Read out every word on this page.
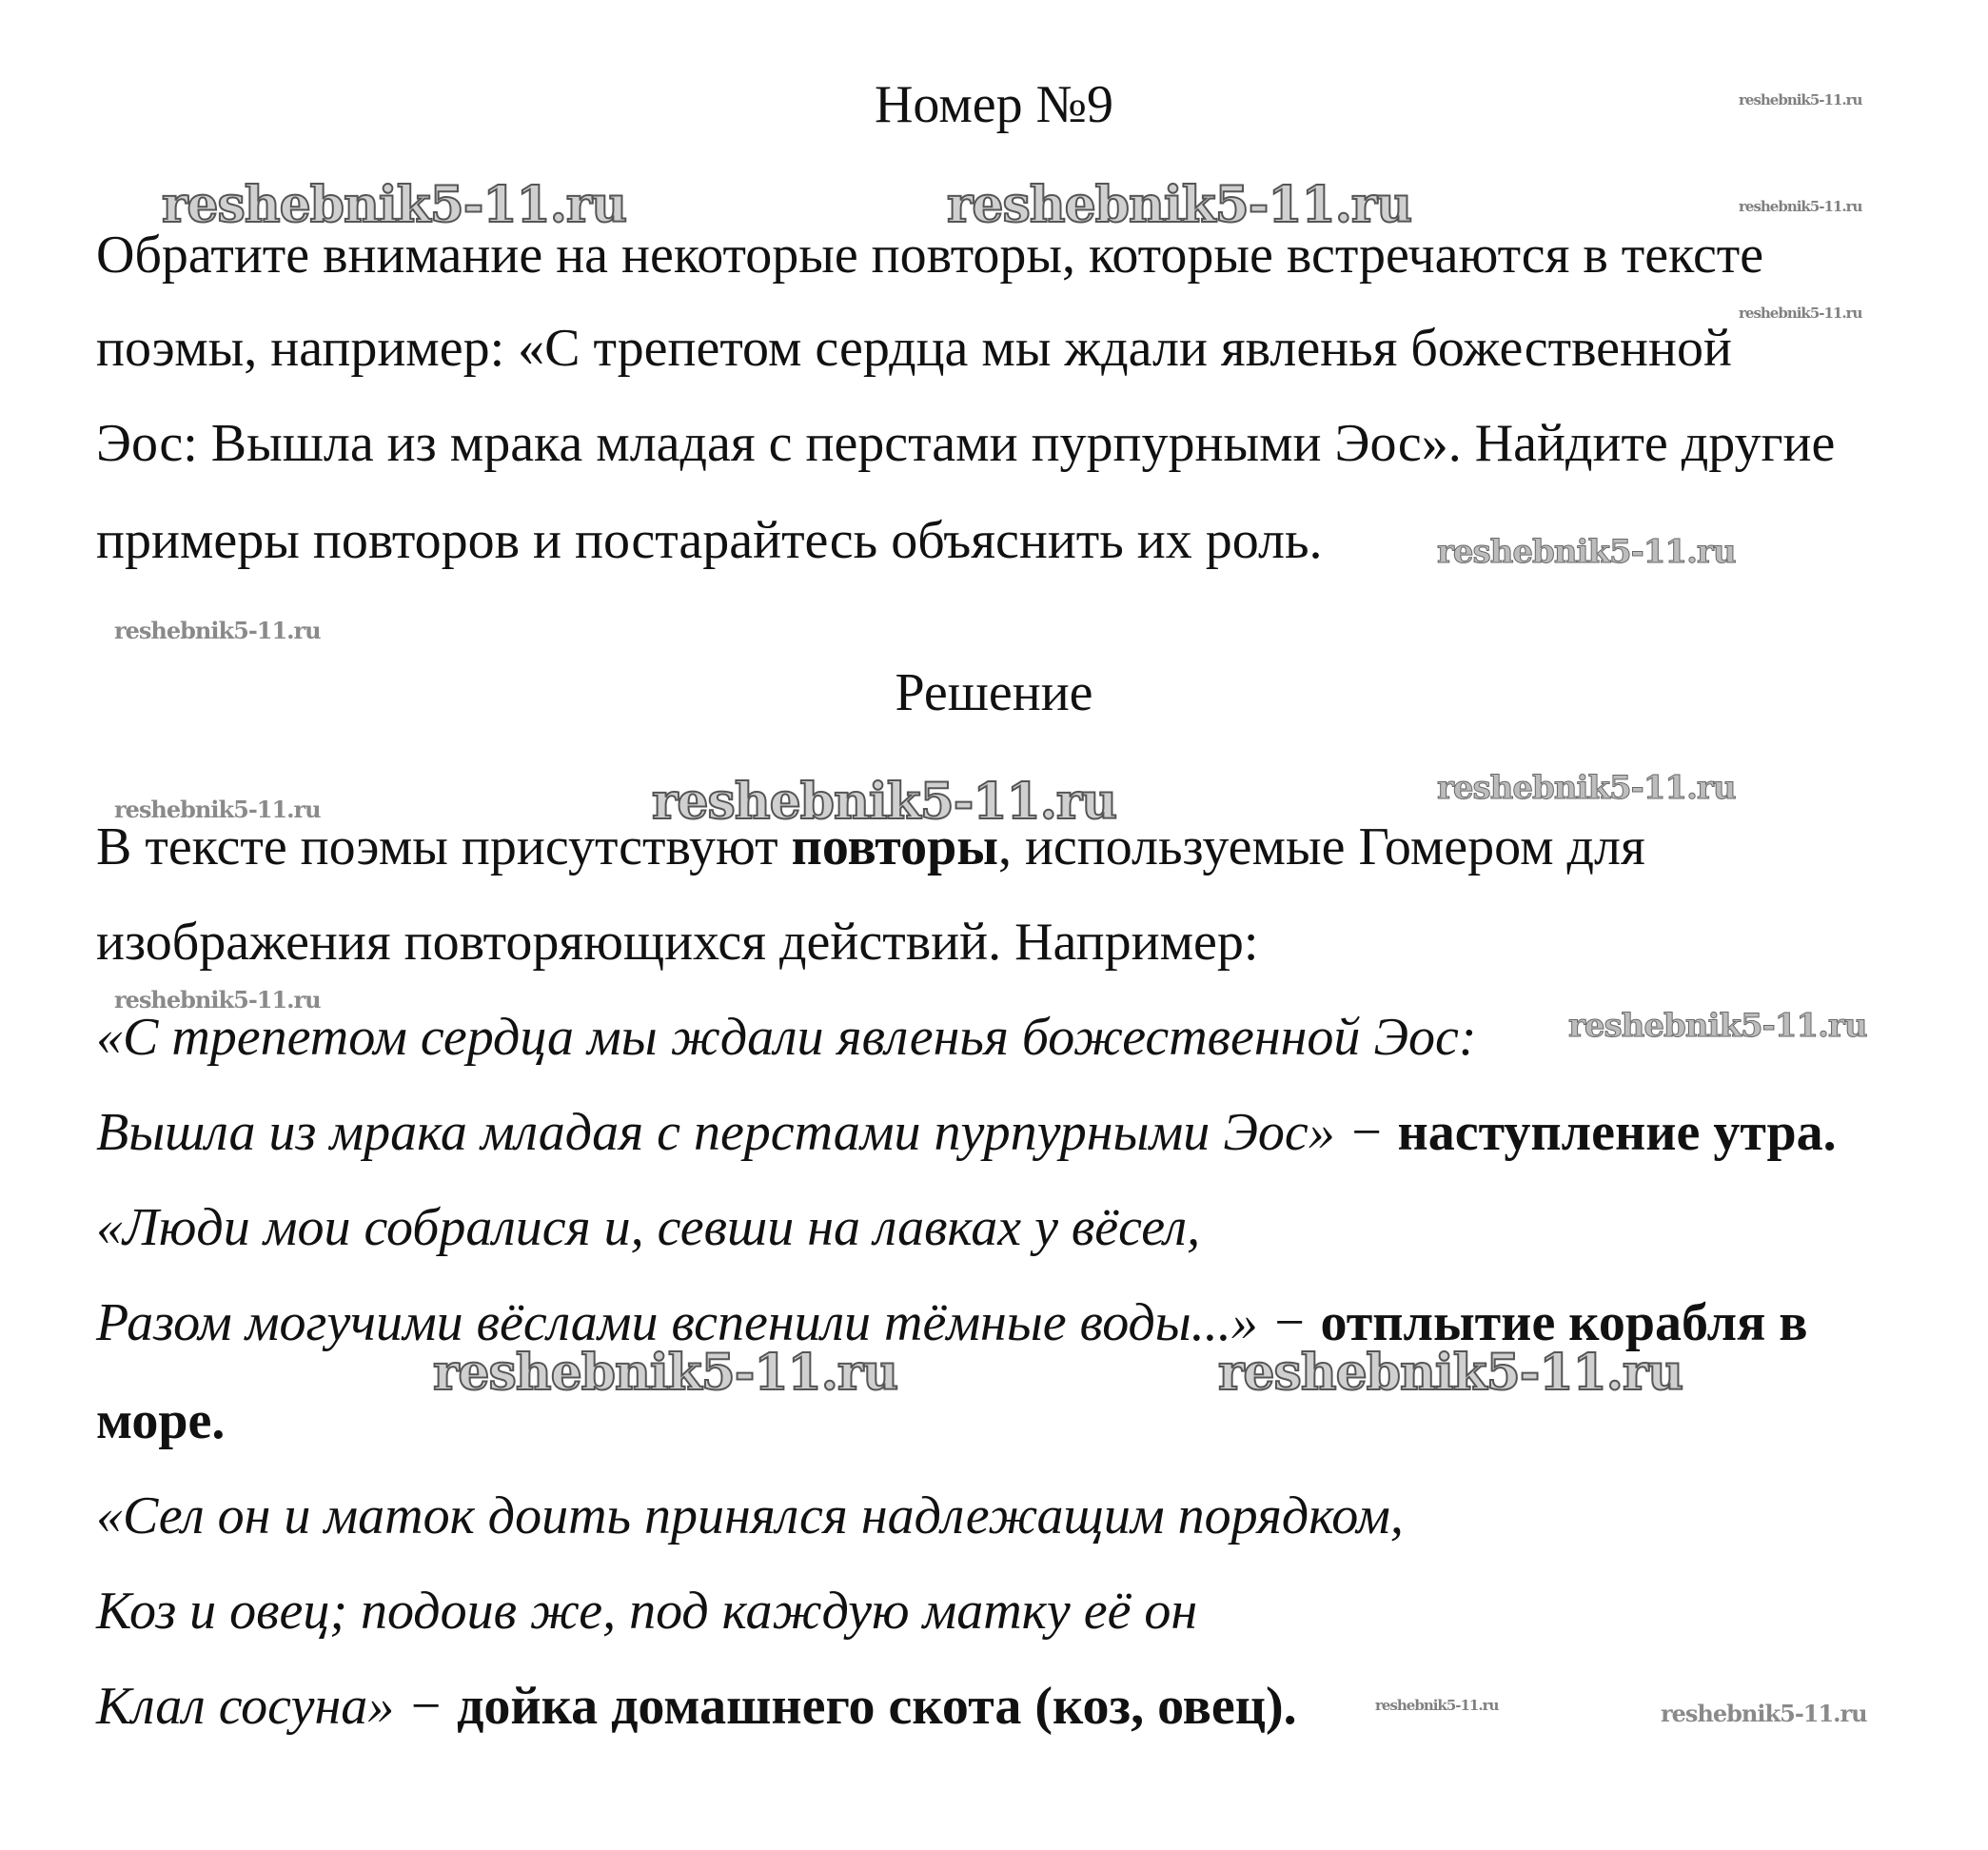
Номер №9
Обратите внимание на некоторые повторы, которые встречаются в тексте
поэмы, например: «С трепетом сердца мы ждали явленья божественной
Эос: Вышла из мрака младая с перстами пурпурными Эос». Найдите другие
примеры повторов и постарайтесь объяснить их роль.
Решение
В тексте поэмы присутствуют повторы, используемые Гомером для
изображения повторяющихся действий. Например:
«С трепетом сердца мы ждали явленья божественной Эос:
Вышла из мрака младая с перстами пурпурными Эос» − наступление утра.
«Люди мои собралися и, севши на лавках у вёсел,
Разом могучими вёслами вспенили тёмные воды...» − отплытие корабля в
море.
«Сел он и маток доить принялся надлежащим порядком,
Коз и овец; подоив же, под каждую матку её он
Клал сосуна» − дойка домашнего скота (коз, овец).
reshebnik5-11.ru	reshebnik5-11.ru
reshebnik5-11.ru
reshebnik5-11.ru	reshebnik5-11.ru
reshebnik5-11.ru
reshebnik5-11.ru
reshebnik5-11.ru
reshebnik5-11.ru
reshebnik5-11.ru
reshebnik5-11.ru
reshebnik5-11.ru
reshebnik5-11.ru
reshebnik5-11.ru
reshebnik5-11.ru
reshebnik5-11.ru
